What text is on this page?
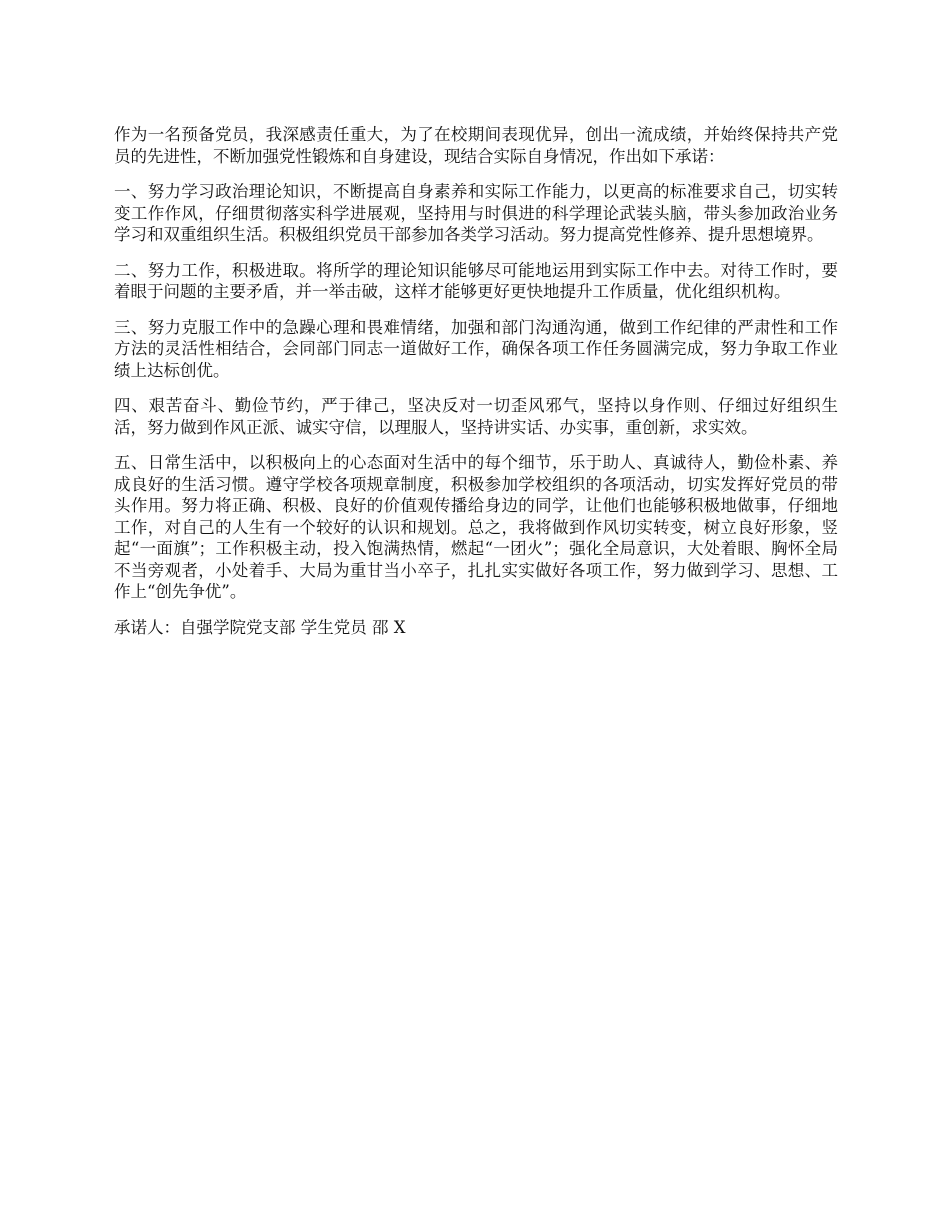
作为一名预备党员，我深感责任重大，为了在校期间表现优异，创出一流成绩，并始终保持共产党员的先进性，不断加强党性锻炼和自身建设，现结合实际自身情况，作出如下承诺：

一、努力学习政治理论知识，不断提高自身素养和实际工作能力，以更高的标准要求自己，切实转变工作作风，仔细贯彻落实科学进展观，坚持用与时俱进的科学理论武装头脑，带头参加政治业务学习和双重组织生活。积极组织党员干部参加各类学习活动。努力提高党性修养、提升思想境界。

二、努力工作，积极进取。将所学的理论知识能够尽可能地运用到实际工作中去。对待工作时，要着眼于问题的主要矛盾，并一举击破，这样才能够更好更快地提升工作质量，优化组织机构。

三、努力克服工作中的急躁心理和畏难情绪，加强和部门沟通沟通，做到工作纪律的严肃性和工作方法的灵活性相结合，会同部门同志一道做好工作，确保各项工作任务圆满完成，努力争取工作业绩上达标创优。

四、艰苦奋斗、勤俭节约，严于律己，坚决反对一切歪风邪气，坚持以身作则、仔细过好组织生活，努力做到作风正派、诚实守信，以理服人，坚持讲实话、办实事，重创新，求实效。

五、日常生活中，以积极向上的心态面对生活中的每个细节，乐于助人、真诚待人，勤俭朴素、养成良好的生活习惯。遵守学校各项规章制度，积极参加学校组织的各项活动，切实发挥好党员的带头作用。努力将正确、积极、良好的价值观传播给身边的同学，让他们也能够积极地做事，仔细地工作，对自己的人生有一个较好的认识和规划。总之，我将做到作风切实转变，树立良好形象，竖起“一面旗”；工作积极主动，投入饱满热情，燃起“一团火”；强化全局意识，大处着眼、胸怀全局不当旁观者，小处着手、大局为重甘当小卒子，扎扎实实做好各项工作，努力做到学习、思想、工作上“创先争优”。

承诺人：自强学院党支部 学生党员 邵 X
